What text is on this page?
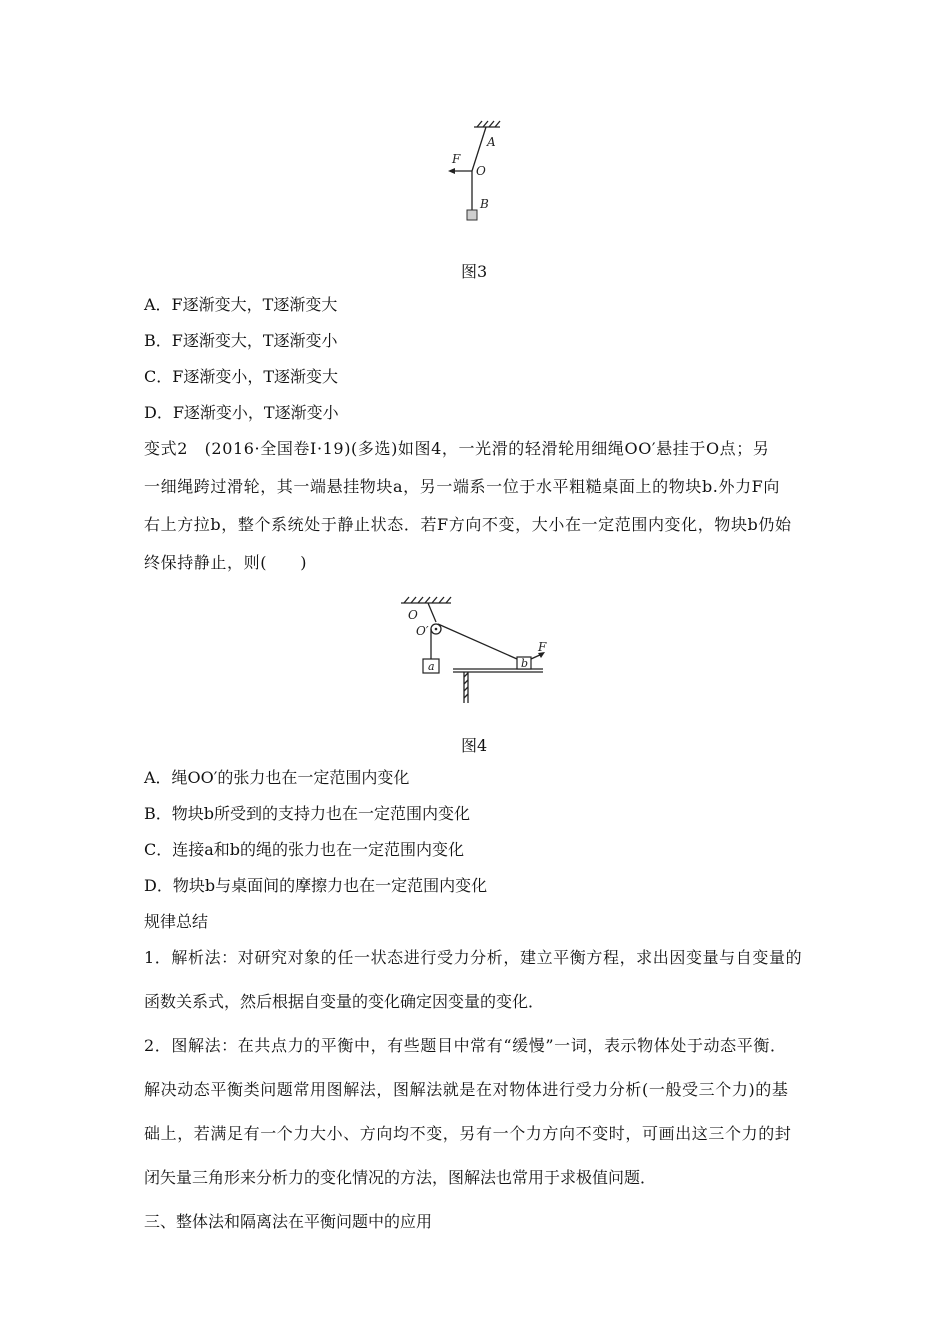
A
F
O
B
图3
A．F逐渐变大，T逐渐变大
B．F逐渐变大，T逐渐变小
C．F逐渐变小，T逐渐变大
D．F逐渐变小，T逐渐变小
变式2　(2016·全国卷Ⅰ·19)(多选)如图4，一光滑的轻滑轮用细绳OO′悬挂于O点；另
一细绳跨过滑轮，其一端悬挂物块a，另一端系一位于水平粗糙桌面上的物块b.外力F向
右上方拉b，整个系统处于静止状态．若F方向不变，大小在一定范围内变化，物块b仍始
终保持静止，则(　　)
O
O′
a	b
F
图4
A．绳OO′的张力也在一定范围内变化
B．物块b所受到的支持力也在一定范围内变化
C．连接a和b的绳的张力也在一定范围内变化
D．物块b与桌面间的摩擦力也在一定范围内变化
规律总结
1．解析法：对研究对象的任一状态进行受力分析，建立平衡方程，求出因变量与自变量的
函数关系式，然后根据自变量的变化确定因变量的变化．
2．图解法：在共点力的平衡中，有些题目中常有“缓慢”一词，表示物体处于动态平衡．
解决动态平衡类问题常用图解法，图解法就是在对物体进行受力分析(一般受三个力)的基
础上，若满足有一个力大小、方向均不变，另有一个力方向不变时，可画出这三个力的封
闭矢量三角形来分析力的变化情况的方法，图解法也常用于求极值问题．
三、整体法和隔离法在平衡问题中的应用
